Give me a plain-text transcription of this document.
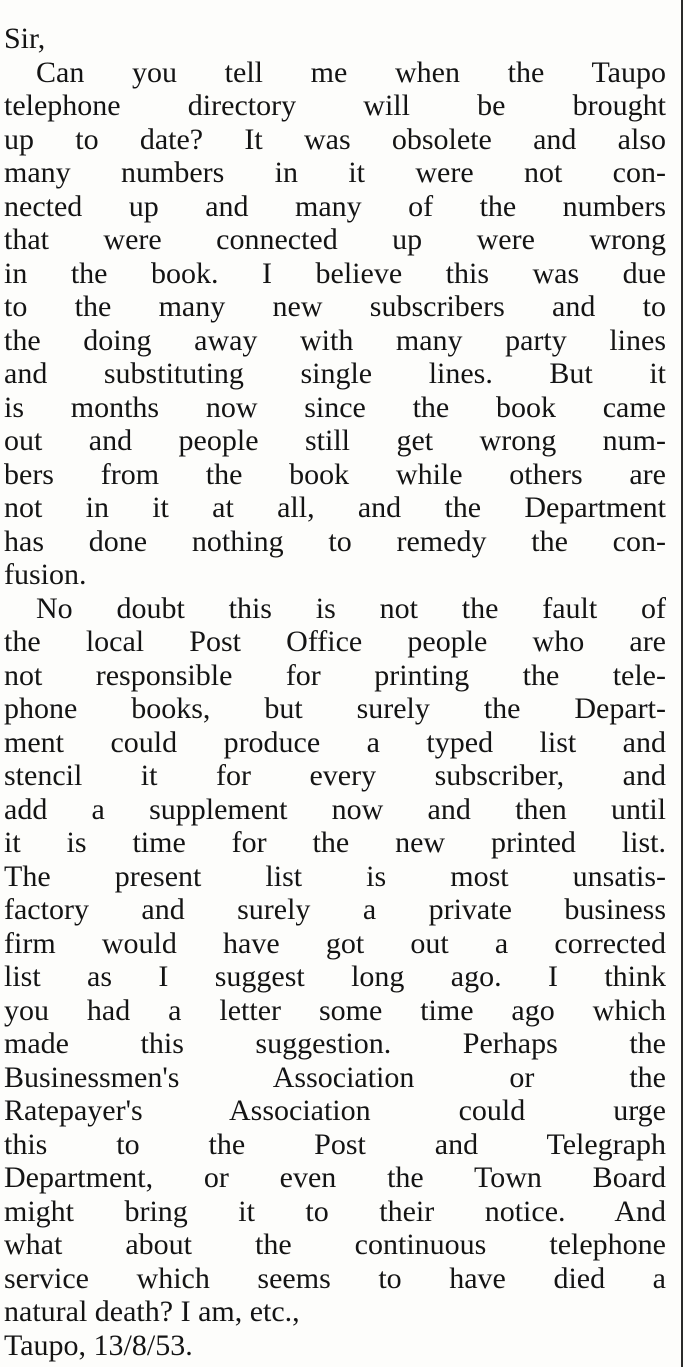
Sir,
Can you tell me when the Taupo
telephone directory will be brought
up to date? It was obsolete and also
many numbers in it were not con-
nected up and many of the numbers
that were connected up were wrong
in the book. I believe this was due
to the many new subscribers and to
the doing away with many party lines
and substituting single lines. But it
is months now since the book came
out and people still get wrong num-
bers from the book while others are
not in it at all, and the Department
has done nothing to remedy the con-
fusion.
No doubt this is not the fault of
the local Post Office people who are
not responsible for printing the tele-
phone books, but surely the Depart-
ment could produce a typed list and
stencil it for every subscriber, and
add a supplement now and then until
it is time for the new printed list.
The present list is most unsatis-
factory and surely a private business
firm would have got out a corrected
list as I suggest long ago. I think
you had a letter some time ago which
made this suggestion. Perhaps the
Businessmen's Association or the
Ratepayer's Association could urge
this to the Post and Telegraph
Department, or even the Town Board
might bring it to their notice. And
what about the continuous telephone
service which seems to have died a
natural death? I am, etc.,
Taupo, 13/8/53.
